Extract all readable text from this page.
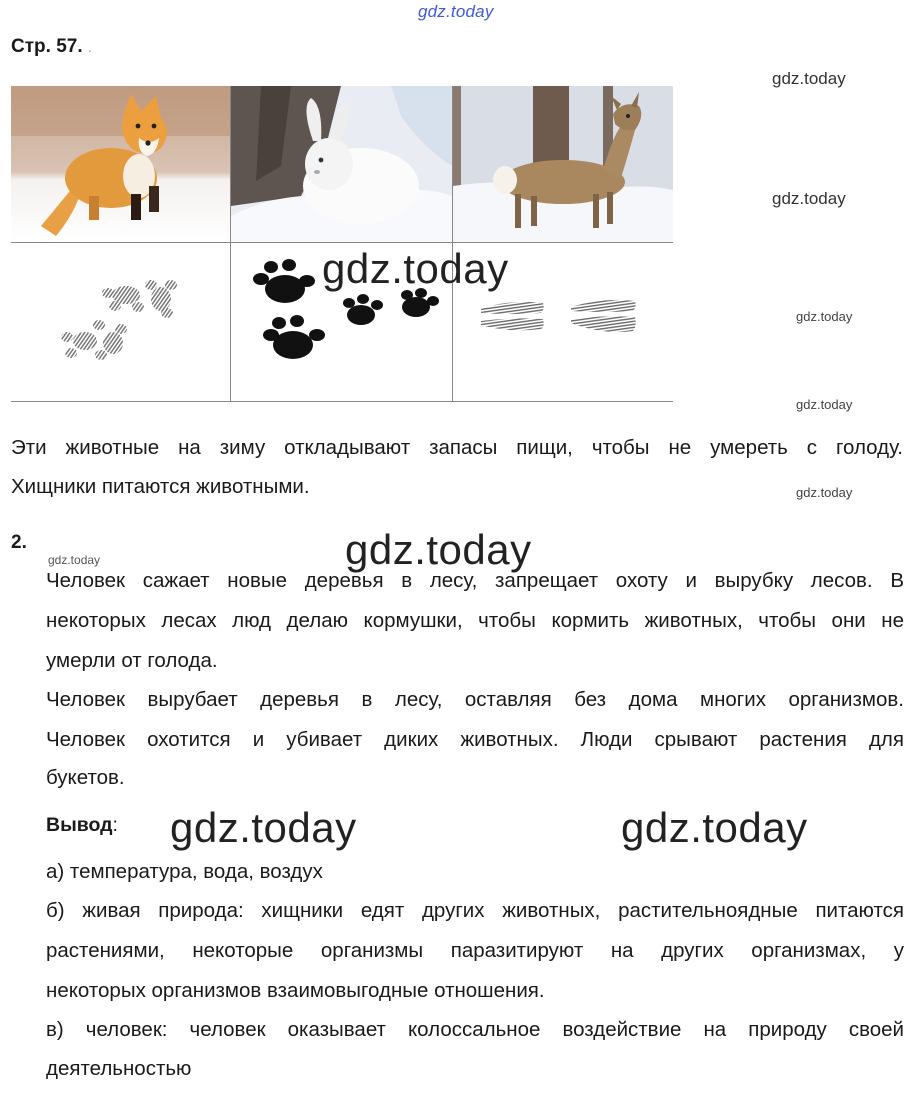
gdz.today
Стр. 57. .
gdz.today
gdz.today
gdz.today
gdz.today
gdz.today
gdz.today
Эти животные на зиму откладывают запасы пищи, чтобы не умереть с голоду.
Хищники питаются животными.
2.	gdz.today
gdz.today
Человек сажает новые деревья в лесу, запрещает охоту и вырубку лесов. В
некоторых лесах люд делаю кормушки, чтобы кормить животных, чтобы они не
умерли от голода.
Человек вырубает деревья в лесу, оставляя без дома многих организмов.
Человек охотится и убивает диких животных. Люди срывают растения для
букетов.
Вывод: gdz.today	gdz.today
а) температура, вода, воздух
б) живая природа: хищники едят других животных, растительноядные питаются
растениями, некоторые организмы паразитируют на других организмах, у
некоторых организмов взаимовыгодные отношения.
в) человек: человек оказывает колоссальное воздействие на природу своей
деятельностью
